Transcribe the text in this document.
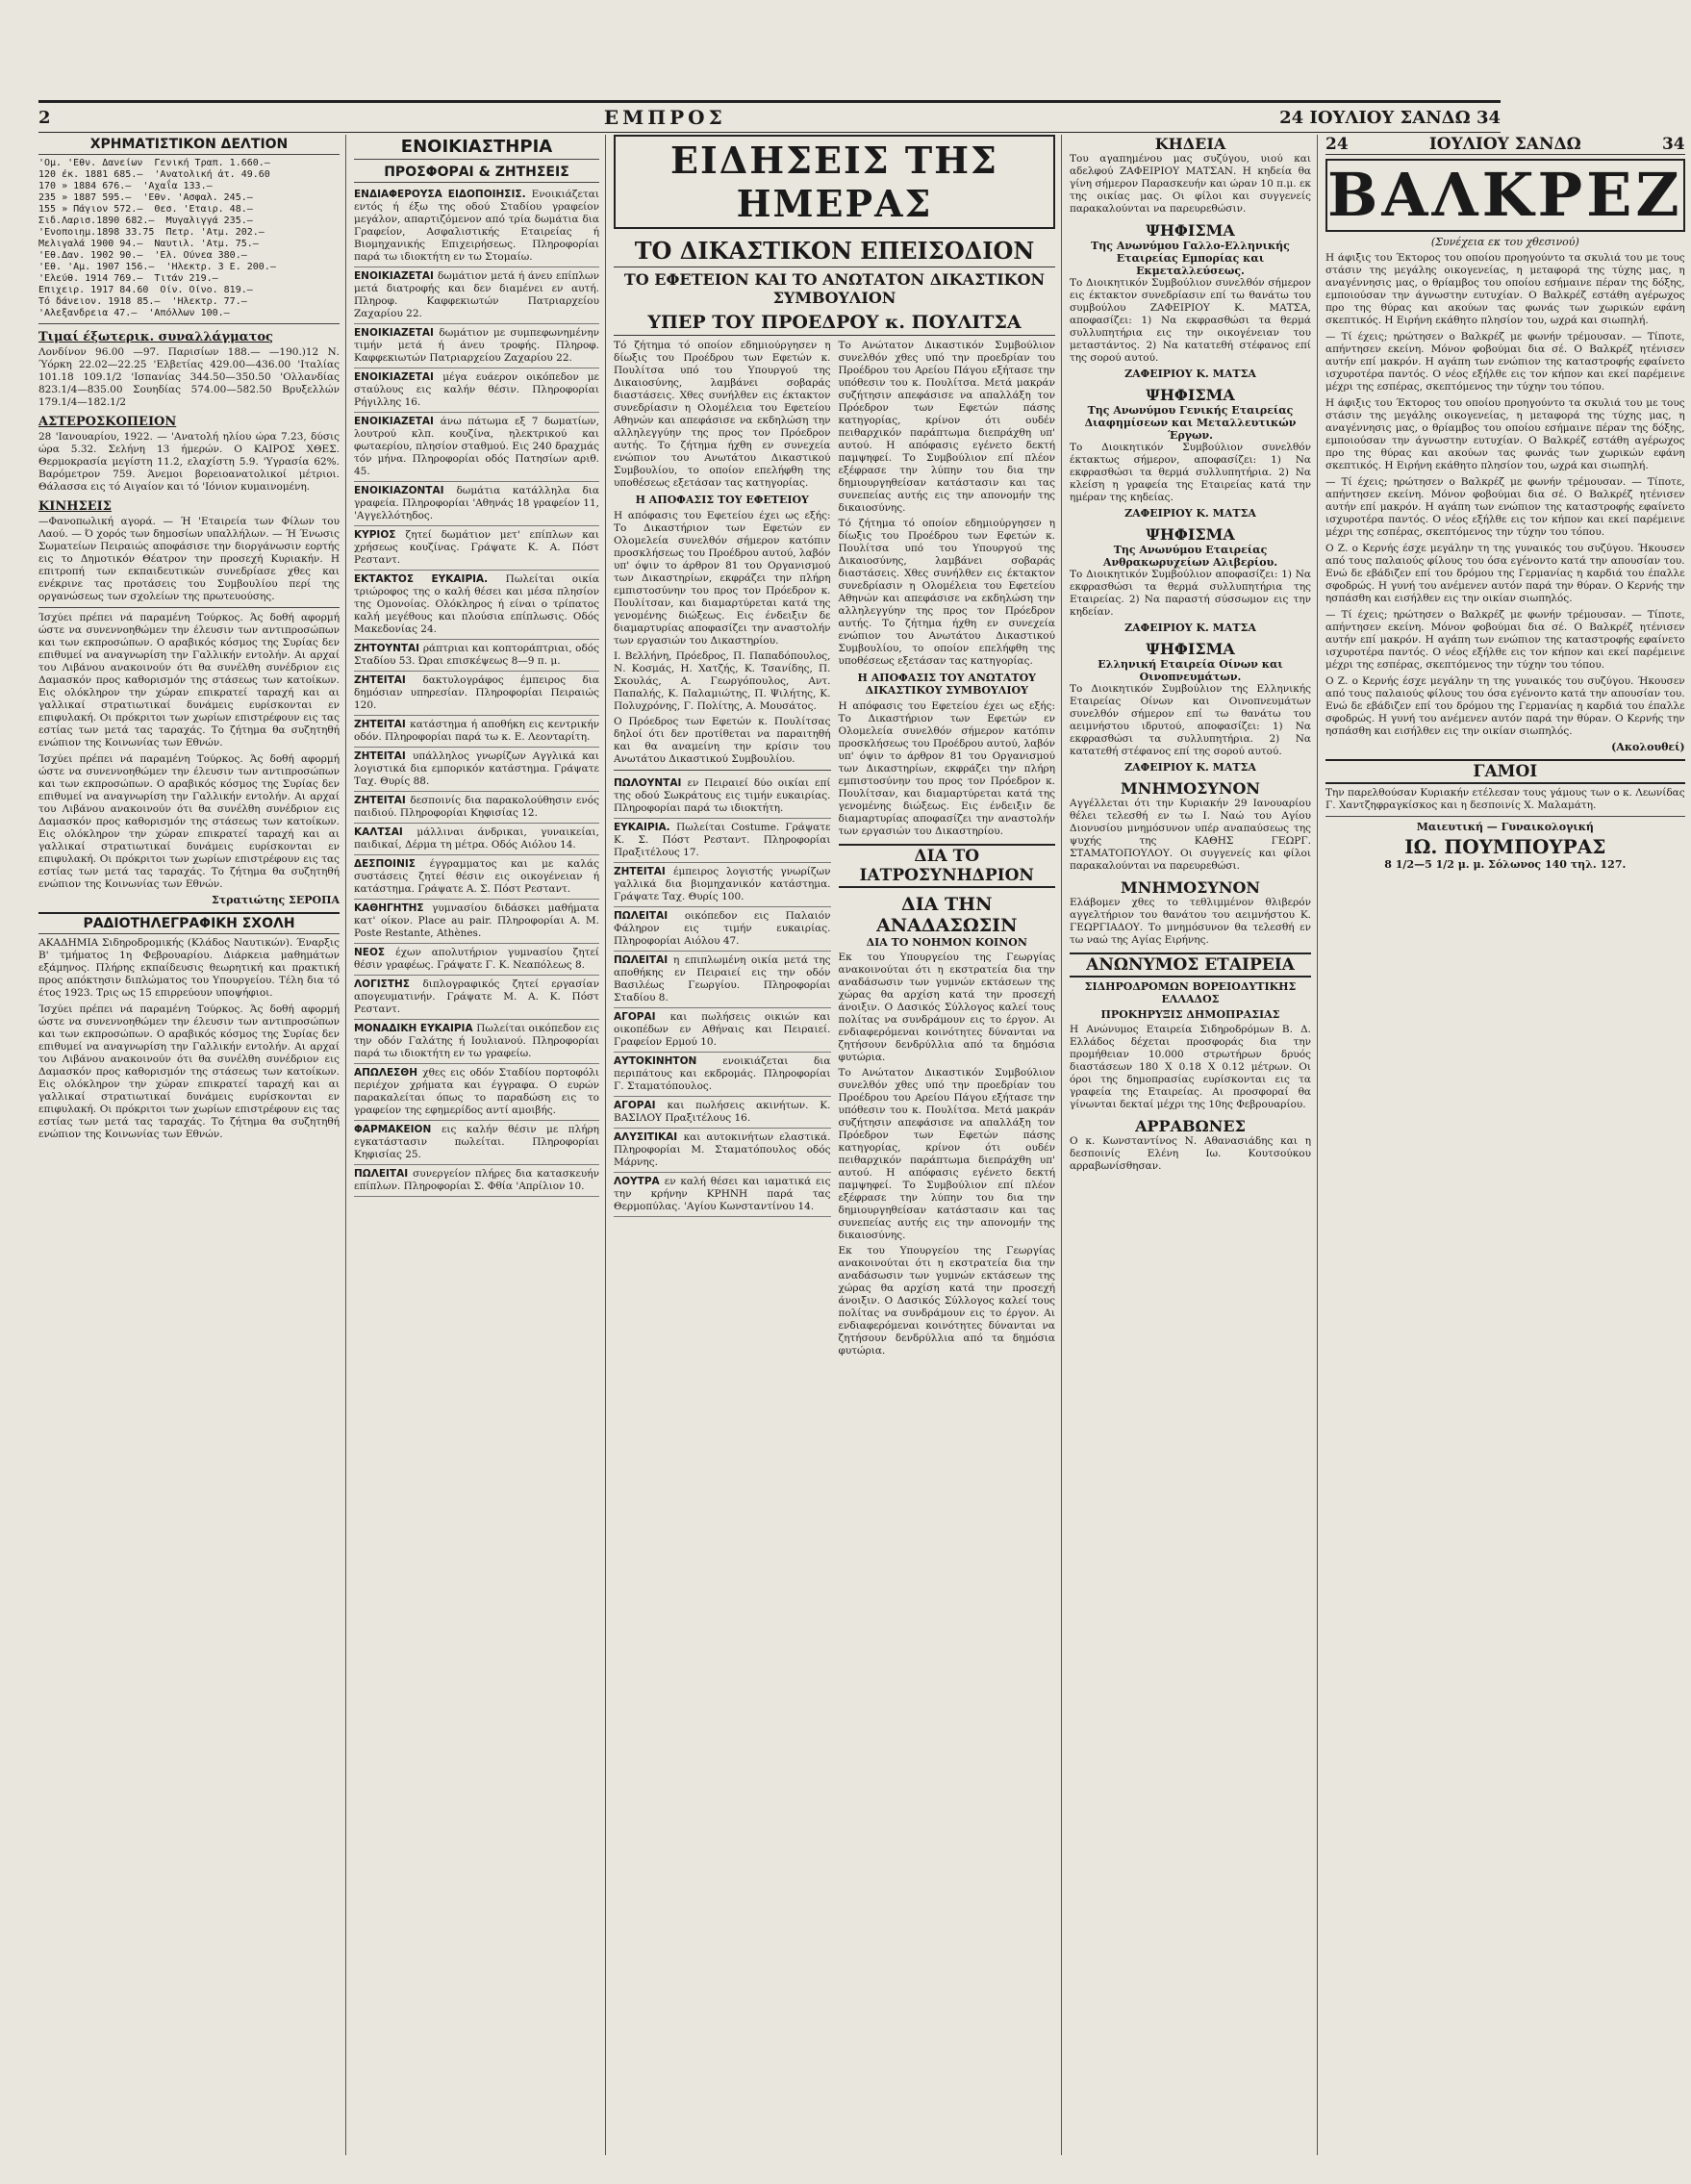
2	ΕΜΠΡΟΣ	24 ΙΟΥΛΙΟΥ ΣΑΝΔΩ 34
ΧΡΗΜΑΤΙΣΤΙΚΟΝ ΔΕΛΤΙΟΝ
'Ομ. 'Εθν. Δανείων  Γενική Τραπ. 1.660.—
120 έκ. 1881 685.—  'Ανατολική ἀτ. 49.60
170 » 1884 676.—  'Αχαΐα 133.—
235 » 1887 595.—  'Εθν. 'Ασφαλ. 245.—
155 » Πάγιον 572.—  Θεσ. 'Εταιρ. 48.—
Σιδ.Λαρισ.1890 682.—  Μυγαλιγγά 235.—
'Ενοποιημ.1898 33.75  Πετρ. 'Ατμ. 202.—
Μελιγαλά 1900 94.—  Ναυτιλ. 'Ατμ. 75.—
'Εθ.Δαν. 1902 90.—  'Ελ. Ούνεα 380.—
'Εθ. 'Αμ. 1907 156.—  'Ηλεκτρ. 3 Ε. 200.—
'Ελεύθ. 1914 769.—  Τιτάν 219.—
Επιχειρ. 1917 84.60  Οίν. Οίνο. 819.—
Τό δάνειον. 1918 85.—  'Ηλεκτρ. 77.—
'Αλεξανδρεια 47.—  'Απόλλων 100.—
Τιμαί έξωτερικ. συναλλάγματος
Λονδίνον 96.00 —97. Παρισίων 188.— —190.)12 Ν. Ύόρκη 22.02—22.25 'Ελβετίας 429.00—436.00 'Ιταλίας 101.18 109.1/2 'Ισπανίας 344.50—350.50 'Ολλανδίας 823.1/4—835.00 Σουηδίας 574.00—582.50 Βρυξελλών 179.1/4—182.1/2
ΑΣΤΕΡΟΣΚΟΠΕΙΟΝ
28 'Ιανουαρίου, 1922. — 'Ανατολή ηλίου ώρα 7.23, δύσις ώρα 5.32. Σελήνη 13 ήμερών. Ο ΚΑΙΡΟΣ ΧΘΕΣ. Θερμοκρασία μεγίστη 11.2, ελαχίστη 5.9. 'Υγρασία 62%. Βαρόμετρον 759. Άνεμοι βορειοανατολικοί μέτριοι. Θάλασσα εις τό Αιγαίον και τό 'Ιόνιον κυμαινομένη.
ΚΙΝΗΣΕΙΣ
—Φανοπωλική αγορά. — Ή 'Εταιρεία των Φίλων του Λαού. — Ό χορός των δημοσίων υπαλλήλων. — Ή Ένωσις Σωματείων Πειραιώς αποφάσισε την διοργάνωσιν εορτής εις το Δημοτικόν Θέατρον την προσεχή Κυριακήν. Η επιτροπή των εκπαιδευτικών συνεδρίασε χθες και ενέκρινε τας προτάσεις του Συμβουλίου περί της οργανώσεως των σχολείων της πρωτευούσης.
Ίσχύει πρέπει νά παραμένη Τούρκος. Άς δοθή αφορμή ώστε να συνεννοηθώμεν την έλευσιν των αντιπροσώπων και των εκπροσώπων. Ο αραβικός κόσμος της Συρίας δεν επιθυμεί να αναγνωρίση την Γαλλικήν εντολήν. Αι αρχαί του Λιβάνου ανακοινούν ότι θα συνέλθη συνέδριον εις Δαμασκόν προς καθορισμόν της στάσεως των κατοίκων. Εις ολόκληρον την χώραν επικρατεί ταραχή και αι γαλλικαί στρατιωτικαί δυνάμεις ευρίσκονται εν επιφυλακή. Οι πρόκριτοι των χωρίων επιστρέφουν εις τας εστίας των μετά τας ταραχάς. Το ζήτημα θα συζητηθή ενώπιον της Κοινωνίας των Εθνών.
Ίσχύει πρέπει νά παραμένη Τούρκος. Άς δοθή αφορμή ώστε να συνεννοηθώμεν την έλευσιν των αντιπροσώπων και των εκπροσώπων. Ο αραβικός κόσμος της Συρίας δεν επιθυμεί να αναγνωρίση την Γαλλικήν εντολήν. Αι αρχαί του Λιβάνου ανακοινούν ότι θα συνέλθη συνέδριον εις Δαμασκόν προς καθορισμόν της στάσεως των κατοίκων. Εις ολόκληρον την χώραν επικρατεί ταραχή και αι γαλλικαί στρατιωτικαί δυνάμεις ευρίσκονται εν επιφυλακή. Οι πρόκριτοι των χωρίων επιστρέφουν εις τας εστίας των μετά τας ταραχάς. Το ζήτημα θα συζητηθή ενώπιον της Κοινωνίας των Εθνών.
Στρατιώτης ΣΕΡΟΠΑ
ΡΑΔΙΟΤΗΛΕΓΡΑΦΙΚΗ ΣΧΟΛΗ
ΑΚΑΔΗΜΙΑ Σιδηροδρομικής (Κλάδος Ναυτικών). Έναρξις Β' τμήματος 1η Φεβρουαρίου. Διάρκεια μαθημάτων εξάμηνος. Πλήρης εκπαίδευσις θεωρητική και πρακτική προς απόκτησιν διπλώματος του Υπουργείου. Τέλη δια τό έτος 1923. Τρις ως 15 επιρρεύουν υποψήφιοι.
Ίσχύει πρέπει νά παραμένη Τούρκος. Άς δοθή αφορμή ώστε να συνεννοηθώμεν την έλευσιν των αντιπροσώπων και των εκπροσώπων. Ο αραβικός κόσμος της Συρίας δεν επιθυμεί να αναγνωρίση την Γαλλικήν εντολήν. Αι αρχαί του Λιβάνου ανακοινούν ότι θα συνέλθη συνέδριον εις Δαμασκόν προς καθορισμόν της στάσεως των κατοίκων. Εις ολόκληρον την χώραν επικρατεί ταραχή και αι γαλλικαί στρατιωτικαί δυνάμεις ευρίσκονται εν επιφυλακή. Οι πρόκριτοι των χωρίων επιστρέφουν εις τας εστίας των μετά τας ταραχάς. Το ζήτημα θα συζητηθή ενώπιον της Κοινωνίας των Εθνών.
ΕΝΟΙΚΙΑΣΤΗΡΙΑ
ΠΡΟΣΦΟΡΑΙ & ΖΗΤΗΣΕΙΣ
ΕΝΔΙΑΦΕΡΟΥΣΑ ΕΙΔΟΠΟΙΗΣΙΣ. Ενοικιάζεται εντός ή έξω της οδού Σταδίου γραφείον μεγάλον, απαρτιζόμενον από τρία δωμάτια δια Γραφείον, Ασφαλιστικής Εταιρείας ή Βιομηχανικής Επιχειρήσεως. Πληροφορίαι παρά τω ιδιοκτήτη εν τω Στομαίω.
ΕΝΟΙΚΙΑΖΕΤΑΙ δωμάτιον μετά ή άνευ επίπλων μετά διατροφής και δεν διαμένει εν αυτή. Πληροφ. Καφφεκιωτών Πατριαρχείου Ζαχαρίου 22.
ΕΝΟΙΚΙΑΖΕΤΑΙ δωμάτιον με συμπεφωνημένην τιμήν μετά ή άνευ τροφής. Πληροφ. Καφφεκιωτών Πατριαρχείου Ζαχαρίου 22.
ΕΝΟΙΚΙΑΖΕΤΑΙ μέγα ευάερον οικόπεδον με σταύλους εις καλήν θέσιν. Πληροφορίαι Ρήγιλλης 16.
ΕΝΟΙΚΙΑΖΕΤΑΙ άνω πάτωμα εξ 7 δωματίων, λουτρού κλπ. κουζίνα, ηλεκτρικού και φωταερίου, πλησίον σταθμού. Εις 240 δραχμάς τόν μήνα. Πληροφορίαι οδός Πατησίων αριθ. 45.
ΕΝΟΙΚΙΑΖΟΝΤΑΙ δωμάτια κατάλληλα δια γραφεία. Πληροφορίαι 'Αθηνάς 18 γραφείον 11, 'Αγγελλότηδος.
ΚΥΡΙΟΣ ζητεί δωμάτιον μετ' επίπλων και χρήσεως κουζίνας. Γράψατε Κ. Α. Πόστ Ρεσταντ.
ΕΚΤΑΚΤΟΣ ΕΥΚΑΙΡΙΑ. Πωλείται οικία τριώροφος της ο καλή θέσει και μέσα πλησίον της Ομονοίας. Ολόκληρος ή είναι ο τρίπατος καλή μεγέθους και πλούσια επίπλωσις. Οδός Μακεδονίας 24.
ΖΗΤΟΥΝΤΑΙ ράπτριαι και κοπτοράπτριαι, οδός Σταδίου 53. Ώραι επισκέψεως 8—9 π. μ.
ΖΗΤΕΙΤΑΙ δακτυλογράφος έμπειρος δια δημόσιαν υπηρεσίαν. Πληροφορίαι Πειραιώς 120.
ΖΗΤΕΙΤΑΙ κατάστημα ή αποθήκη εις κεντρικήν οδόν. Πληροφορίαι παρά τω κ. Ε. Λεονταρίτη.
ΖΗΤΕΙΤΑΙ υπάλληλος γνωρίζων Αγγλικά και λογιστικά δια εμπορικόν κατάστημα. Γράψατε Ταχ. Θυρίς 88.
ΖΗΤΕΙΤΑΙ δεσποινίς δια παρακολούθησιν ενός παιδιού. Πληροφορίαι Κηφισίας 12.
ΚΑΛΤΣΑΙ μάλλιναι άνδρικαι, γυναικείαι, παιδικαί, Δέρμα τη μέτρα. Οδός Αιόλου 14.
ΔΕΣΠΟΙΝΙΣ έγγραμματος και με καλάς συστάσεις ζητεί θέσιν εις οικογένειαν ή κατάστημα. Γράψατε Α. Σ. Πόστ Ρεσταντ.
ΚΑΘΗΓΗΤΗΣ γυμνασίου διδάσκει μαθήματα κατ' οίκον. Place au pair. Πληροφορίαι Α. Μ. Poste Restante, Athènes.
ΝΕΟΣ έχων απολυτήριον γυμνασίου ζητεί θέσιν γραφέως. Γράψατε Γ. Κ. Νεαπόλεως 8.
ΛΟΓΙΣΤΗΣ διπλογραφικός ζητεί εργασίαν απογευματινήν. Γράψατε Μ. Α. Κ. Πόστ Ρεσταντ.
ΜΟΝΑΔΙΚΗ ΕΥΚΑΙΡΙΑ Πωλείται οικόπεδον εις την οδόν Γαλάτης ή Ιουλιανού. Πληροφορίαι παρά τω ιδιοκτήτη εν τω γραφείω.
ΑΠΩΛΕΣΘΗ χθες εις οδόν Σταδίου πορτοφόλι περιέχον χρήματα και έγγραφα. Ο ευρών παρακαλείται όπως το παραδώση εις το γραφείον της εφημερίδος αντί αμοιβής.
ΦΑΡΜΑΚΕΙΟΝ εις καλήν θέσιν με πλήρη εγκατάστασιν πωλείται. Πληροφορίαι Κηφισίας 25.
ΠΩΛΕΙΤΑΙ συνεργείον πλήρες δια κατασκευήν επίπλων. Πληροφορίαι Σ. Φθία 'Απρίλιον 10.
ΕΙΔΗΣΕΙΣ ΤΗΣ ΗΜΕΡΑΣ
ΤΟ ΔΙΚΑΣΤΙΚΟΝ ΕΠΕΙΣΟΔΙΟΝ
ΤΟ ΕΦΕΤΕΙΟΝ ΚΑΙ ΤΟ ΑΝΩΤΑΤΟΝ ΔΙΚΑΣΤΙΚΟΝ ΣΥΜΒΟΥΛΙΟΝ
ΥΠΕΡ ΤΟΥ ΠΡΟΕΔΡΟΥ κ. ΠΟΥΛΙΤΣΑ
Τό ζήτημα τό οποίον εδημιούργησεν η δίωξις του Προέδρου των Εφετών κ. Πουλίτσα υπό του Υπουργού της Δικαιοσύνης, λαμβάνει σοβαράς διαστάσεις. Χθες συνήλθεν εις έκτακτον συνεδρίασιν η Ολομέλεια του Εφετείου Αθηνών και απεφάσισε να εκδηλώση την αλληλεγγύην της προς τον Πρόεδρον αυτής. Το ζήτημα ήχθη εν συνεχεία ενώπιον του Ανωτάτου Δικαστικού Συμβουλίου, το οποίον επελήφθη της υποθέσεως εξετάσαν τας κατηγορίας.
Η ΑΠΟΦΑΣΙΣ ΤΟΥ ΕΦΕΤΕΙΟΥ
Η απόφασις του Εφετείου έχει ως εξής: Το Δικαστήριον των Εφετών εν Ολομελεία συνελθόν σήμερον κατόπιν προσκλήσεως του Προέδρου αυτού, λαβόν υπ' όψιν το άρθρον 81 του Οργανισμού των Δικαστηρίων, εκφράζει την πλήρη εμπιστοσύνην του προς τον Πρόεδρον κ. Πουλίτσαν, και διαμαρτύρεται κατά της γενομένης διώξεως. Εις ένδειξιν δε διαμαρτυρίας αποφασίζει την αναστολήν των εργασιών του Δικαστηρίου.
Ι. Βελλήνη, Πρόεδρος, Π. Παπαδόπουλος, Ν. Κοσμάς, Η. Χατζής, Κ. Τσανίδης, Π. Σκουλάς, Α. Γεωργόπουλος, Αντ. Παπαλής, Κ. Παλαμιώτης, Π. Ψιλήτης, Κ. Πολυχρόνης, Γ. Πολίτης, Α. Μουσάτος.
Ο Πρόεδρος των Εφετών κ. Πουλίτσας δηλοί ότι δεν προτίθεται να παραιτηθή και θα αναμείνη την κρίσιν του Ανωτάτου Δικαστικού Συμβουλίου.
ΠΩΛΟΥΝΤΑΙ εν Πειραιεί δύο οικίαι επί της οδού Σωκράτους εις τιμήν ευκαιρίας. Πληροφορίαι παρά τω ιδιοκτήτη.
ΕΥΚΑΙΡΙΑ. Πωλείται Costume. Γράψατε Κ. Σ. Πόστ Ρεσταντ. Πληροφορίαι Πραξιτέλους 17.
ΖΗΤΕΙΤΑΙ έμπειρος λογιστής γνωρίζων γαλλικά δια βιομηχανικόν κατάστημα. Γράψατε Ταχ. Θυρίς 100.
ΠΩΛΕΙΤΑΙ οικόπεδον εις Παλαιόν Φάληρον εις τιμήν ευκαιρίας. Πληροφορίαι Αιόλου 47.
ΠΩΛΕΙΤΑΙ η επιπλωμένη οικία μετά της αποθήκης εν Πειραιεί εις την οδόν Βασιλέως Γεωργίου. Πληροφορίαι Σταδίου 8.
ΑΓΟΡΑΙ και πωλήσεις οικιών και οικοπέδων εν Αθήναις και Πειραιεί. Γραφείον Ερμού 10.
ΑΥΤΟΚΙΝΗΤΟΝ ενοικιάζεται δια περιπάτους και εκδρομάς. Πληροφορίαι Γ. Σταματόπουλος.
ΑΓΟΡΑΙ και πωλήσεις ακινήτων. Κ. ΒΑΣΙΛΟΥ Πραξιτέλους 16.
ΑΛΥΣΙΤΙΚΑΙ και αυτοκινήτων ελαστικά. Πληροφορίαι Μ. Σταματόπουλος οδός Μάρνης.
ΛΟΥΤΡΑ εν καλή θέσει και ιαματικά εις την κρήνην ΚΡΗΝΗ παρά τας Θερμοπύλας. 'Αγίου Κωνσταντίνου 14.
Το Ανώτατον Δικαστικόν Συμβούλιον συνελθόν χθες υπό την προεδρίαν του Προέδρου του Αρείου Πάγου εξήτασε την υπόθεσιν του κ. Πουλίτσα. Μετά μακράν συζήτησιν απεφάσισε να απαλλάξη τον Πρόεδρον των Εφετών πάσης κατηγορίας, κρίνον ότι ουδέν πειθαρχικόν παράπτωμα διεπράχθη υπ' αυτού. Η απόφασις εγένετο δεκτή παμψηφεί. Το Συμβούλιον επί πλέον εξέφρασε την λύπην του δια την δημιουργηθείσαν κατάστασιν και τας συνεπείας αυτής εις την απονομήν της δικαιοσύνης.
Τό ζήτημα τό οποίον εδημιούργησεν η δίωξις του Προέδρου των Εφετών κ. Πουλίτσα υπό του Υπουργού της Δικαιοσύνης, λαμβάνει σοβαράς διαστάσεις. Χθες συνήλθεν εις έκτακτον συνεδρίασιν η Ολομέλεια του Εφετείου Αθηνών και απεφάσισε να εκδηλώση την αλληλεγγύην της προς τον Πρόεδρον αυτής. Το ζήτημα ήχθη εν συνεχεία ενώπιον του Ανωτάτου Δικαστικού Συμβουλίου, το οποίον επελήφθη της υποθέσεως εξετάσαν τας κατηγορίας.
Η ΑΠΟΦΑΣΙΣ ΤΟΥ ΑΝΩΤΑΤΟΥ ΔΙΚΑΣΤΙΚΟΥ ΣΥΜΒΟΥΛΙΟΥ
Η απόφασις του Εφετείου έχει ως εξής: Το Δικαστήριον των Εφετών εν Ολομελεία συνελθόν σήμερον κατόπιν προσκλήσεως του Προέδρου αυτού, λαβόν υπ' όψιν το άρθρον 81 του Οργανισμού των Δικαστηρίων, εκφράζει την πλήρη εμπιστοσύνην του προς τον Πρόεδρον κ. Πουλίτσαν, και διαμαρτύρεται κατά της γενομένης διώξεως. Εις ένδειξιν δε διαμαρτυρίας αποφασίζει την αναστολήν των εργασιών του Δικαστηρίου.
ΔΙΑ ΤΟ ΙΑΤΡΟΣΥΝΗΔΡΙΟΝ
ΔΙΑ ΤΗΝ ΑΝΑΔΑΣΩΣΙΝ
ΔΙΑ ΤΟ ΝΟΗΜΟΝ ΚΟΙΝΟΝ
Εκ του Υπουργείου της Γεωργίας ανακοινούται ότι η εκστρατεία δια την αναδάσωσιν των γυμνών εκτάσεων της χώρας θα αρχίση κατά την προσεχή άνοιξιν. Ο Δασικός Σύλλογος καλεί τους πολίτας να συνδράμουν εις το έργον. Αι ενδιαφερόμεναι κοινότητες δύνανται να ζητήσουν δενδρύλλια από τα δημόσια φυτώρια.
Το Ανώτατον Δικαστικόν Συμβούλιον συνελθόν χθες υπό την προεδρίαν του Προέδρου του Αρείου Πάγου εξήτασε την υπόθεσιν του κ. Πουλίτσα. Μετά μακράν συζήτησιν απεφάσισε να απαλλάξη τον Πρόεδρον των Εφετών πάσης κατηγορίας, κρίνον ότι ουδέν πειθαρχικόν παράπτωμα διεπράχθη υπ' αυτού. Η απόφασις εγένετο δεκτή παμψηφεί. Το Συμβούλιον επί πλέον εξέφρασε την λύπην του δια την δημιουργηθείσαν κατάστασιν και τας συνεπείας αυτής εις την απονομήν της δικαιοσύνης.
Εκ του Υπουργείου της Γεωργίας ανακοινούται ότι η εκστρατεία δια την αναδάσωσιν των γυμνών εκτάσεων της χώρας θα αρχίση κατά την προσεχή άνοιξιν. Ο Δασικός Σύλλογος καλεί τους πολίτας να συνδράμουν εις το έργον. Αι ενδιαφερόμεναι κοινότητες δύνανται να ζητήσουν δενδρύλλια από τα δημόσια φυτώρια.
ΚΗΔΕΙΑ
Του αγαπημένου μας συζύγου, υιού και αδελφού ΖΑΦΕΙΡΙΟΥ ΜΑΤΣΑΝ. Η κηδεία θα γίνη σήμερον Παρασκευήν και ώραν 10 π.μ. εκ της οικίας μας. Οι φίλοι και συγγενείς παρακαλούνται να παρευρεθώσιν.
ΨΗΦΙΣΜΑ
Της Ανωνύμου Γαλλο-Ελληνικής Εταιρείας Εμπορίας και Εκμεταλλεύσεως.
Το Διοικητικόν Συμβούλιον συνελθόν σήμερον εις έκτακτον συνεδρίασιν επί τω θανάτω του συμβούλου ΖΑΦΕΙΡΙΟΥ Κ. ΜΑΤΣΑ, αποφασίζει: 1) Να εκφρασθώσι τα θερμά συλλυπητήρια εις την οικογένειαν του μεταστάντος. 2) Να κατατεθή στέφανος επί της σορού αυτού.
ΖΑΦΕΙΡΙΟΥ Κ. ΜΑΤΣΑ
ΨΗΦΙΣΜΑ
Της Ανωνύμου Γενικής Εταιρείας Διαφημίσεων και Μεταλλευτικών Έργων.
Το Διοικητικόν Συμβούλιον συνελθόν έκτακτως σήμερον, αποφασίζει: 1) Να εκφρασθώσι τα θερμά συλλυπητήρια. 2) Να κλείση η γραφεία της Εταιρείας κατά την ημέραν της κηδείας.
ΖΑΦΕΙΡΙΟΥ Κ. ΜΑΤΣΑ
ΨΗΦΙΣΜΑ
Της Ανωνύμου Εταιρείας Ανθρακωρυχείων Αλιβερίου.
Το Διοικητικόν Συμβούλιον αποφασίζει: 1) Να εκφρασθώσι τα θερμά συλλυπητήρια της Εταιρείας. 2) Να παραστή σύσσωμον εις την κηδείαν.
ΖΑΦΕΙΡΙΟΥ Κ. ΜΑΤΣΑ
ΨΗΦΙΣΜΑ
Ελληνική Εταιρεία Οίνων και Οινοπνευμάτων.
Το Διοικητικόν Συμβούλιον της Ελληνικής Εταιρείας Οίνων και Οινοπνευμάτων συνελθόν σήμερον επί τω θανάτω του αειμνήστου ιδρυτού, αποφασίζει: 1) Να εκφρασθώσι τα συλλυπητήρια. 2) Να κατατεθή στέφανος επί της σορού αυτού.
ΖΑΦΕΙΡΙΟΥ Κ. ΜΑΤΣΑ
ΜΝΗΜΟΣΥΝΟΝ
Αγγέλλεται ότι την Κυριακήν 29 Ιανουαρίου θέλει τελεσθή εν τω Ι. Ναώ του Αγίου Διονυσίου μνημόσυνον υπέρ αναπαύσεως της ψυχής της ΚΑΘΗΣ ΓΕΩΡΓ. ΣΤΑΜΑΤΟΠΟΥΛΟΥ. Οι συγγενείς και φίλοι παρακαλούνται να παρευρεθώσι.
ΜΝΗΜΟΣΥΝΟΝ
Ελάβομεν χθες το τεθλιμμένον θλιβερόν αγγελτήριον του θανάτου του αειμνήστου Κ. ΓΕΩΡΓΙΑΔΟΥ. Το μνημόσυνον θα τελεσθή εν τω ναώ της Αγίας Ειρήνης.
ΑΝΩΝΥΜΟΣ ΕΤΑΙΡΕΙΑ
ΣΙΔΗΡΟΔΡΟΜΩΝ ΒΟΡΕΙΟΔΥΤΙΚΗΣ ΕΛΛΑΔΟΣ
ΠΡΟΚΗΡΥΞΙΣ ΔΗΜΟΠΡΑΣΙΑΣ
Η Ανώνυμος Εταιρεία Σιδηροδρόμων Β. Δ. Ελλάδος δέχεται προσφοράς δια την προμήθειαν 10.000 στρωτήρων δρυός διαστάσεων 180 Χ 0.18 Χ 0.12 μέτρων. Οι όροι της δημοπρασίας ευρίσκονται εις τα γραφεία της Εταιρείας. Αι προσφοραί θα γίνωνται δεκταί μέχρι της 10ης Φεβρουαρίου.
ΑΡΡΑΒΩΝΕΣ
Ο κ. Κωνσταντίνος Ν. Αθανασιάδης και η δεσποινίς Ελένη Ιω. Κουτσούκου αρραβωνίσθησαν.
24	ΙΟΥΛΙΟΥ ΣΑΝΔΩ	34
ΒΑΛΚΡΕΖ
(Συνέχεια εκ του χθεσινού)
Η άφιξις του Έκτορος του οποίου προηγούντο τα σκυλιά του με τους στάσιν της μεγάλης οικογενείας, η μεταφορά της τύχης μας, η αναγέννησις μας, ο θρίαμβος του οποίου εσήμαινε πέραν της δόξης, εμποιούσαν την άγνωστην ευτυχίαν. Ο Βαλκρέζ εστάθη αγέρωχος προ της θύρας και ακούων τας φωνάς των χωρικών εφάνη σκεπτικός. Η Ειρήνη εκάθητο πλησίον του, ωχρά και σιωπηλή.
— Τί έχεις; ηρώτησεν ο Βαλκρέζ με φωνήν τρέμουσαν. — Τίποτε, απήντησεν εκείνη. Μόνον φοβούμαι δια σέ. Ο Βαλκρέζ ητένισεν αυτήν επί μακρόν. Η αγάπη των ενώπιον της καταστροφής εφαίνετο ισχυροτέρα παντός. Ο νέος εξήλθε εις τον κήπον και εκεί παρέμεινε μέχρι της εσπέρας, σκεπτόμενος την τύχην του τόπου.
Η άφιξις του Έκτορος του οποίου προηγούντο τα σκυλιά του με τους στάσιν της μεγάλης οικογενείας, η μεταφορά της τύχης μας, η αναγέννησις μας, ο θρίαμβος του οποίου εσήμαινε πέραν της δόξης, εμποιούσαν την άγνωστην ευτυχίαν. Ο Βαλκρέζ εστάθη αγέρωχος προ της θύρας και ακούων τας φωνάς των χωρικών εφάνη σκεπτικός. Η Ειρήνη εκάθητο πλησίον του, ωχρά και σιωπηλή.
— Τί έχεις; ηρώτησεν ο Βαλκρέζ με φωνήν τρέμουσαν. — Τίποτε, απήντησεν εκείνη. Μόνον φοβούμαι δια σέ. Ο Βαλκρέζ ητένισεν αυτήν επί μακρόν. Η αγάπη των ενώπιον της καταστροφής εφαίνετο ισχυροτέρα παντός. Ο νέος εξήλθε εις τον κήπον και εκεί παρέμεινε μέχρι της εσπέρας, σκεπτόμενος την τύχην του τόπου.
Ο Ζ. ο Κερνής έσχε μεγάλην τη της γυναικός του συζύγου. Ήκουσεν από τους παλαιούς φίλους του όσα εγένοντο κατά την απουσίαν του. Ενώ δε εβάδιζεν επί του δρόμου της Γερμανίας η καρδιά του έπαλλε σφοδρώς. Η γυνή του ανέμενεν αυτόν παρά την θύραν. Ο Κερνής την ησπάσθη και εισήλθεν εις την οικίαν σιωπηλός.
— Τί έχεις; ηρώτησεν ο Βαλκρέζ με φωνήν τρέμουσαν. — Τίποτε, απήντησεν εκείνη. Μόνον φοβούμαι δια σέ. Ο Βαλκρέζ ητένισεν αυτήν επί μακρόν. Η αγάπη των ενώπιον της καταστροφής εφαίνετο ισχυροτέρα παντός. Ο νέος εξήλθε εις τον κήπον και εκεί παρέμεινε μέχρι της εσπέρας, σκεπτόμενος την τύχην του τόπου.
Ο Ζ. ο Κερνής έσχε μεγάλην τη της γυναικός του συζύγου. Ήκουσεν από τους παλαιούς φίλους του όσα εγένοντο κατά την απουσίαν του. Ενώ δε εβάδιζεν επί του δρόμου της Γερμανίας η καρδιά του έπαλλε σφοδρώς. Η γυνή του ανέμενεν αυτόν παρά την θύραν. Ο Κερνής την ησπάσθη και εισήλθεν εις την οικίαν σιωπηλός.
(Ακολουθεί)
ΓΑΜΟΙ
Την παρελθούσαν Κυριακήν ετέλεσαν τους γάμους των ο κ. Λεωνίδας Γ. Χαντζηφραγκίσκος και η δεσποινίς Χ. Μαλαμάτη.
Μαιευτική — Γυναικολογική
ΙΩ. ΠΟΥΜΠΟΥΡΑΣ
8 1/2—5 1/2 μ. μ. Σόλωνος 140 τηλ. 127.
